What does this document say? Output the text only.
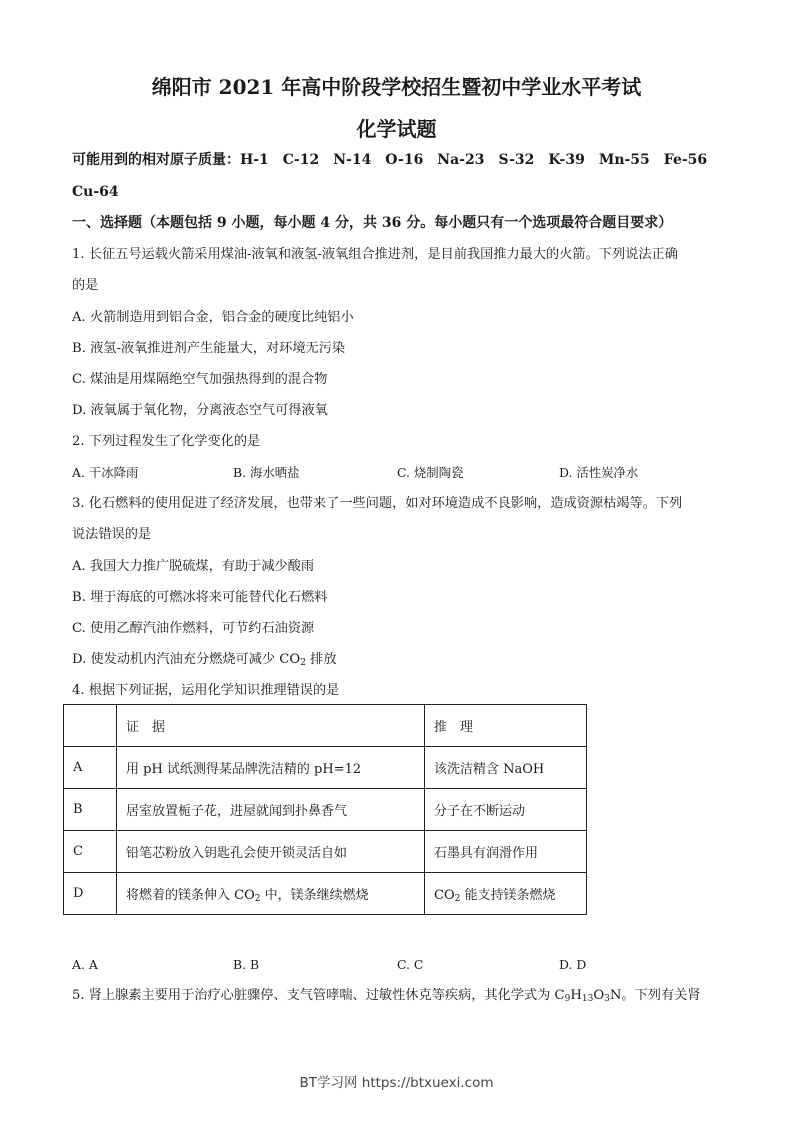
绵阳市 2021 年高中阶段学校招生暨初中学业水平考试
化学试题
可能用到的相对原子质量：H-1　C-12　N-14　O-16　Na-23　S-32　K-39　Mn-55　Fe-56
Cu-64
一、选择题（本题包括 9 小题，每小题 4 分，共 36 分。每小题只有一个选项最符合题目要求）
1. 长征五号运载火箭采用煤油-液氧和液氢-液氧组合推进剂，是目前我国推力最大的火箭。下列说法正确
的是
A. 火箭制造用到铝合金，铝合金的硬度比纯铝小
B. 液氢-液氧推进剂产生能量大，对环境无污染
C. 煤油是用煤隔绝空气加强热得到的混合物
D. 液氧属于氧化物，分离液态空气可得液氧
2. 下列过程发生了化学变化的是
A. 干冰降雨	B. 海水晒盐	C. 烧制陶瓷	D. 活性炭净水
3. 化石燃料的使用促进了经济发展，也带来了一些问题，如对环境造成不良影响，造成资源枯竭等。下列
说法错误的是
A. 我国大力推广脱硫煤，有助于减少酸雨
B. 埋于海底的可燃冰将来可能替代化石燃料
C. 使用乙醇汽油作燃料，可节约石油资源
D. 使发动机内汽油充分燃烧可减少 $CO_2$ 排放
4. 根据下列证据，运用化学知识推理错误的是
	证　据	推　理
A	用 pH 试纸测得某品牌洗洁精的 pH=12	该洗洁精含 NaOH
B	居室放置栀子花，进屋就闻到扑鼻香气	分子在不断运动
C	铅笔芯粉放入钥匙孔会使开锁灵活自如	石墨具有润滑作用
D	将燃着的镁条伸入 $CO_2$ 中，镁条继续燃烧	$CO_2$ 能支持镁条燃烧
A. A	B. B	C. C	D. D
5. 肾上腺素主要用于治疗心脏骤停、支气管哮喘、过敏性休克等疾病，其化学式为 $C_9H_{13}O_3N$。下列有关肾
BT学习网 https://btxuexi.com
